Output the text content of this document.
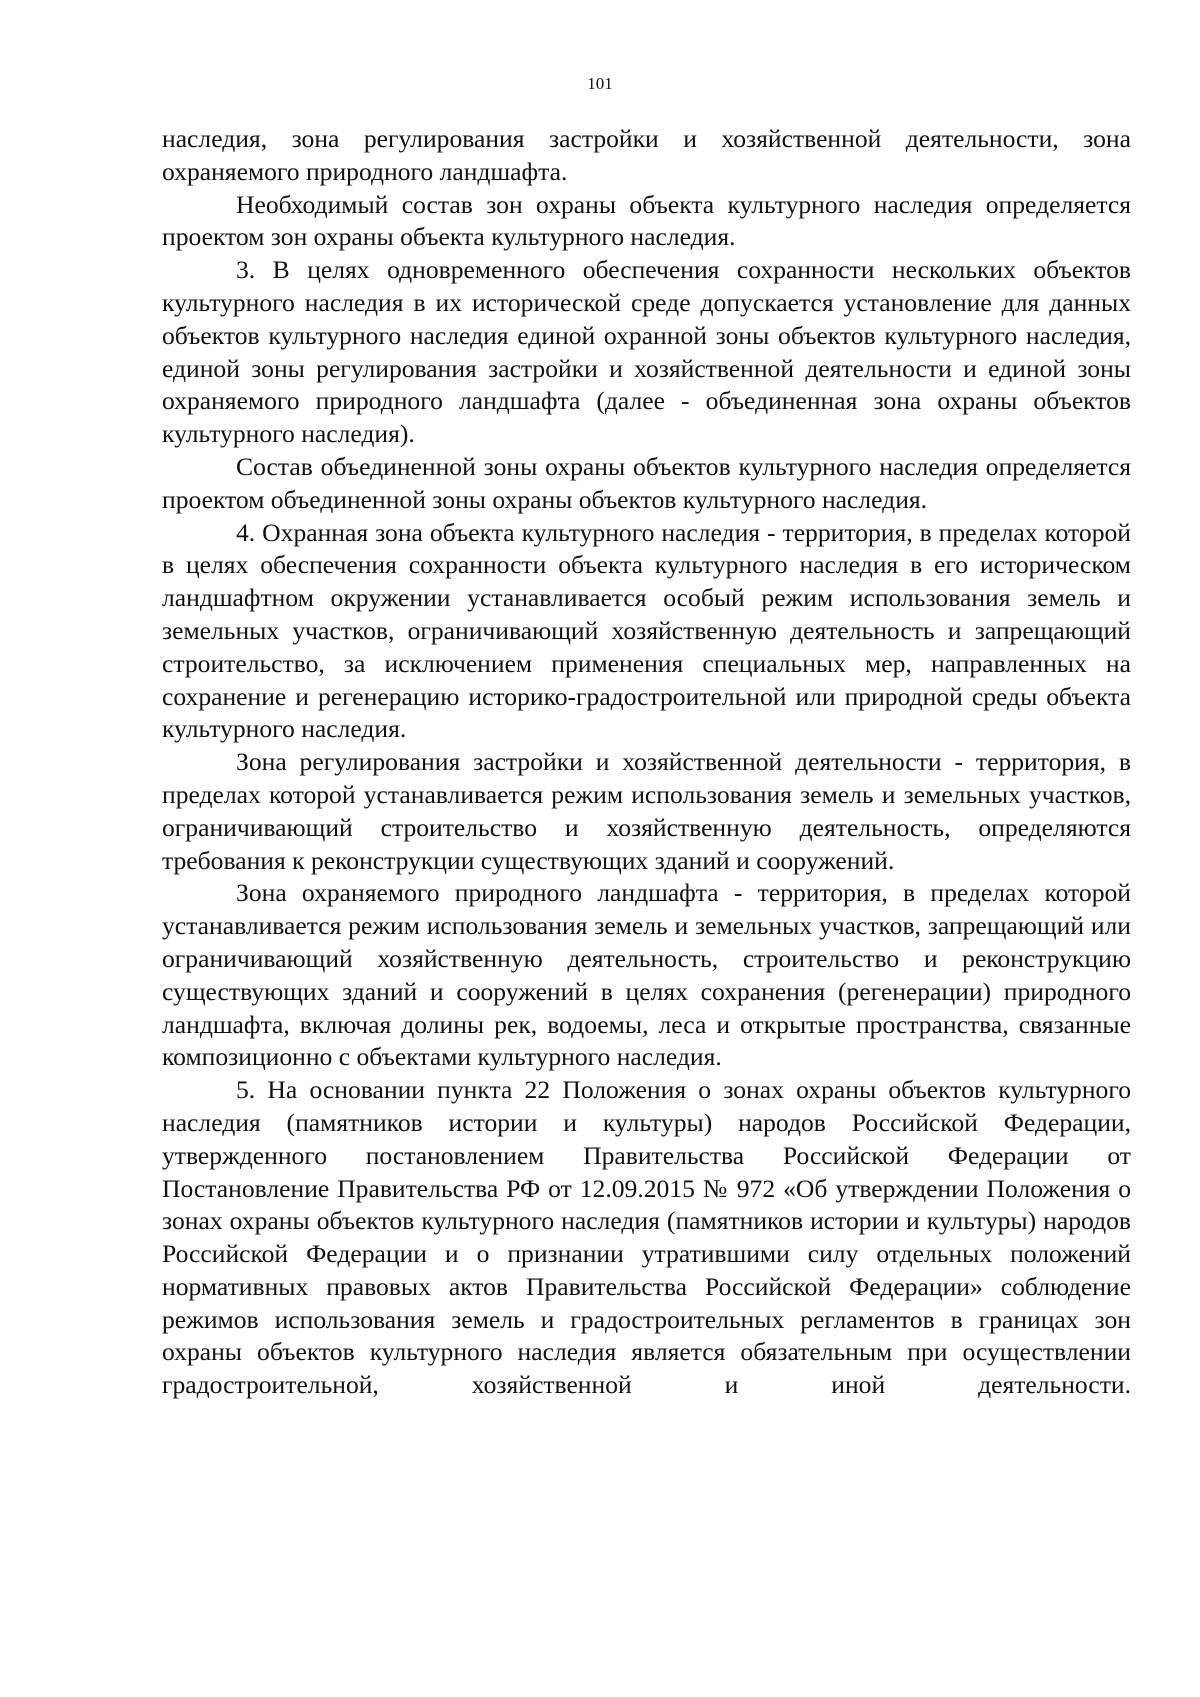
101

наследия, зона регулирования застройки и хозяйственной деятельности, зона охраняемого природного ландшафта.

Необходимый состав зон охраны объекта культурного наследия определяется проектом зон охраны объекта культурного наследия.

3. В целях одновременного обеспечения сохранности нескольких объектов культурного наследия в их исторической среде допускается установление для данных объектов культурного наследия единой охранной зоны объектов культурного наследия, единой зоны регулирования застройки и хозяйственной деятельности и единой зоны охраняемого природного ландшафта (далее - объединенная зона охраны объектов культурного наследия).

Состав объединенной зоны охраны объектов культурного наследия определяется проектом объединенной зоны охраны объектов культурного наследия.

4. Охранная зона объекта культурного наследия - территория, в пределах которой в целях обеспечения сохранности объекта культурного наследия в его историческом ландшафтном окружении устанавливается особый режим использования земель и земельных участков, ограничивающий хозяйственную деятельность и запрещающий строительство, за исключением применения специальных мер, направленных на сохранение и регенерацию историко-градостроительной или природной среды объекта культурного наследия.

Зона регулирования застройки и хозяйственной деятельности - территория, в пределах которой устанавливается режим использования земель и земельных участков, ограничивающий строительство и хозяйственную деятельность, определяются требования к реконструкции существующих зданий и сооружений.

Зона охраняемого природного ландшафта - территория, в пределах которой устанавливается режим использования земель и земельных участков, запрещающий или ограничивающий хозяйственную деятельность, строительство и реконструкцию существующих зданий и сооружений в целях сохранения (регенерации) природного ландшафта, включая долины рек, водоемы, леса и открытые пространства, связанные композиционно с объектами культурного наследия.

5. На основании пункта 22 Положения о зонах охраны объектов культурного наследия (памятников истории и культуры) народов Российской Федерации, утвержденного постановлением Правительства Российской Федерации от Постановление Правительства РФ от 12.09.2015 № 972 «Об утверждении Положения о зонах охраны объектов культурного наследия (памятников истории и культуры) народов Российской Федерации и о признании утратившими силу отдельных положений нормативных правовых актов Правительства Российской Федерации» соблюдение режимов использования земель и градостроительных регламентов в границах зон охраны объектов культурного наследия является обязательным при осуществлении градостроительной, хозяйственной и иной деятельности.
